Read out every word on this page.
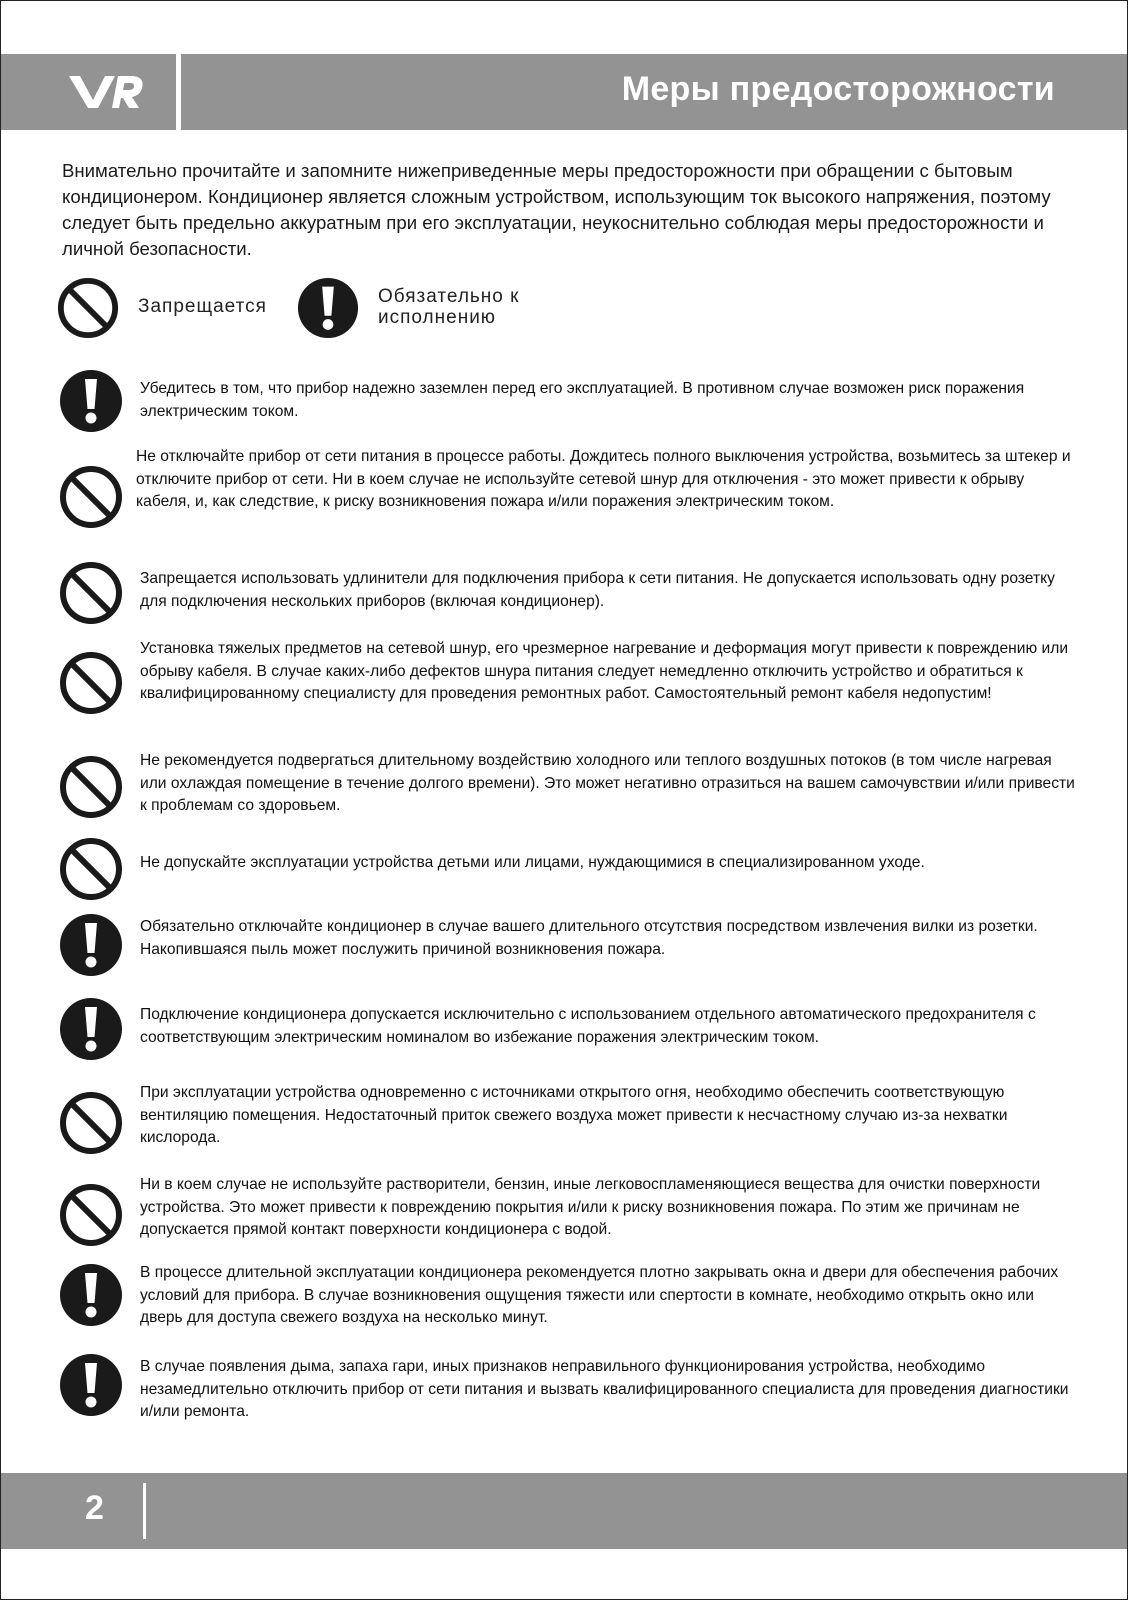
Меры предосторожности
Внимательно прочитайте и запомните нижеприведенные меры предосторожности при обращении с бытовым кондиционером. Кондиционер является сложным устройством, использующим ток высокого напряжения, поэтому следует быть предельно аккуратным при его эксплуатации, неукоснительно соблюдая меры предосторожности и личной безопасности.
Запрещается	Обязательно к исполнению
Убедитесь в том, что прибор надежно заземлен перед его эксплуатацией. В противном случае возможен риск поражения электрическим током.
Не отключайте прибор от сети питания в процессе работы. Дождитесь полного выключения устройства, возьмитесь за штекер и отключите прибор от сети. Ни в коем случае не используйте сетевой шнур для отключения - это может привести к обрыву кабеля, и, как следствие, к риску возникновения пожара и/или поражения электрическим током.
Запрещается использовать удлинители для подключения прибора к сети питания. Не допускается использовать одну розетку для подключения нескольких приборов (включая кондиционер).
Установка тяжелых предметов на сетевой шнур, его чрезмерное нагревание и деформация могут привести к повреждению или обрыву кабеля. В случае каких-либо дефектов шнура питания следует немедленно отключить устройство и обратиться к квалифицированному специалисту для проведения ремонтных работ. Самостоятельный ремонт кабеля недопустим!
Не рекомендуется подвергаться длительному воздействию холодного или теплого воздушных потоков (в том числе нагревая или охлаждая помещение в течение долгого времени). Это может негативно отразиться на вашем самочувствии и/или привести к проблемам со здоровьем.
Не допускайте эксплуатации устройства детьми или лицами, нуждающимися в специализированном уходе.
Обязательно отключайте кондиционер в случае вашего длительного отсутствия посредством извлечения вилки из розетки. Накопившаяся пыль может послужить причиной возникновения пожара.
Подключение кондиционера допускается исключительно с использованием отдельного автоматического предохранителя с соответствующим электрическим номиналом во избежание поражения электрическим током.
При эксплуатации устройства одновременно с источниками открытого огня, необходимо обеспечить соответствующую вентиляцию помещения. Недостаточный приток свежего воздуха может привести к несчастному случаю из-за нехватки кислорода.
Ни в коем случае не используйте растворители, бензин, иные легковоспламеняющиеся вещества для очистки поверхности устройства. Это может привести к повреждению покрытия и/или к риску возникновения пожара. По этим же причинам не допускается прямой контакт поверхности кондиционера с водой.
В процессе длительной эксплуатации кондиционера рекомендуется плотно закрывать окна и двери для обеспечения рабочих условий для прибора. В случае возникновения ощущения тяжести или спертости в комнате, необходимо открыть окно или дверь для доступа свежего воздуха на несколько минут.
В случае появления дыма, запаха гари, иных признаков неправильного функционирования устройства, необходимо незамедлительно отключить прибор от сети питания и вызвать квалифицированного специалиста для проведения диагностики и/или ремонта.
2
